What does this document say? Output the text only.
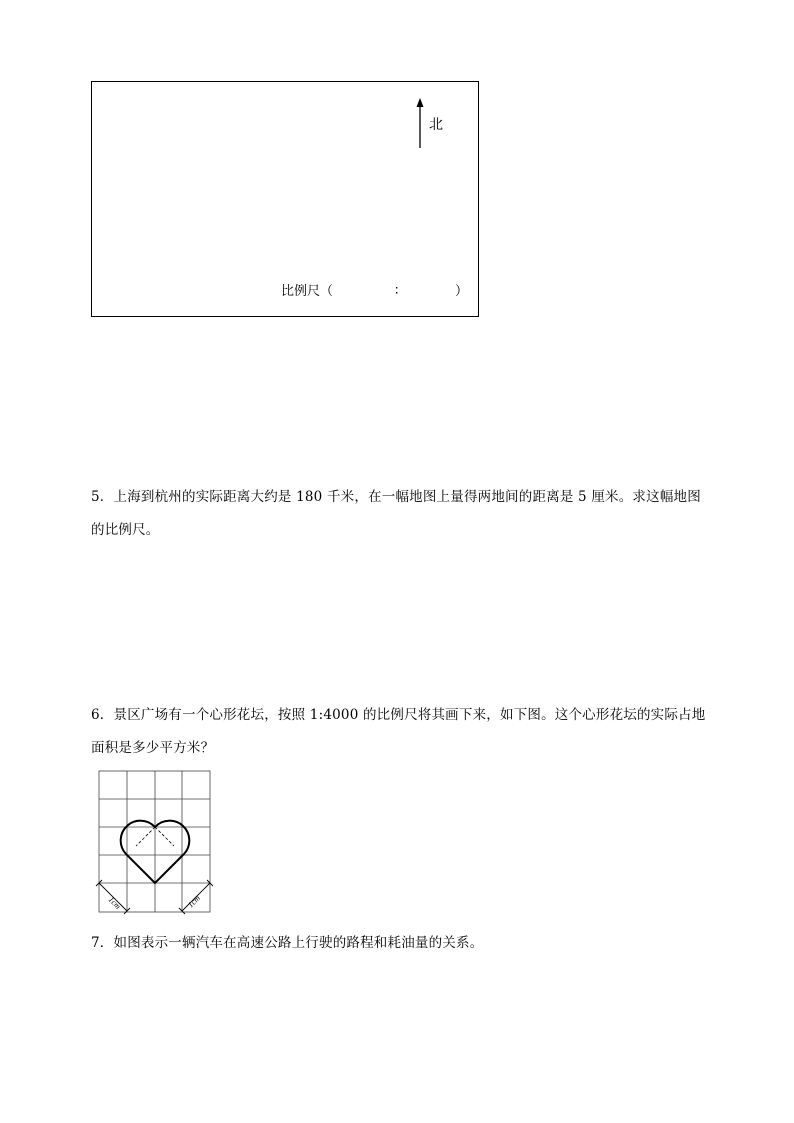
北
比例尺（	∶	）
5．上海到杭州的实际距离大约是 180 千米，在一幅地图上量得两地间的距离是 5 厘米。求这幅地图
的比例尺。
6．景区广场有一个心形花坛，按照 1:4000 的比例尺将其画下来，如下图。这个心形花坛的实际占地
面积是多少平方米？
1cm	1cm
7．如图表示一辆汽车在高速公路上行驶的路程和耗油量的关系。
